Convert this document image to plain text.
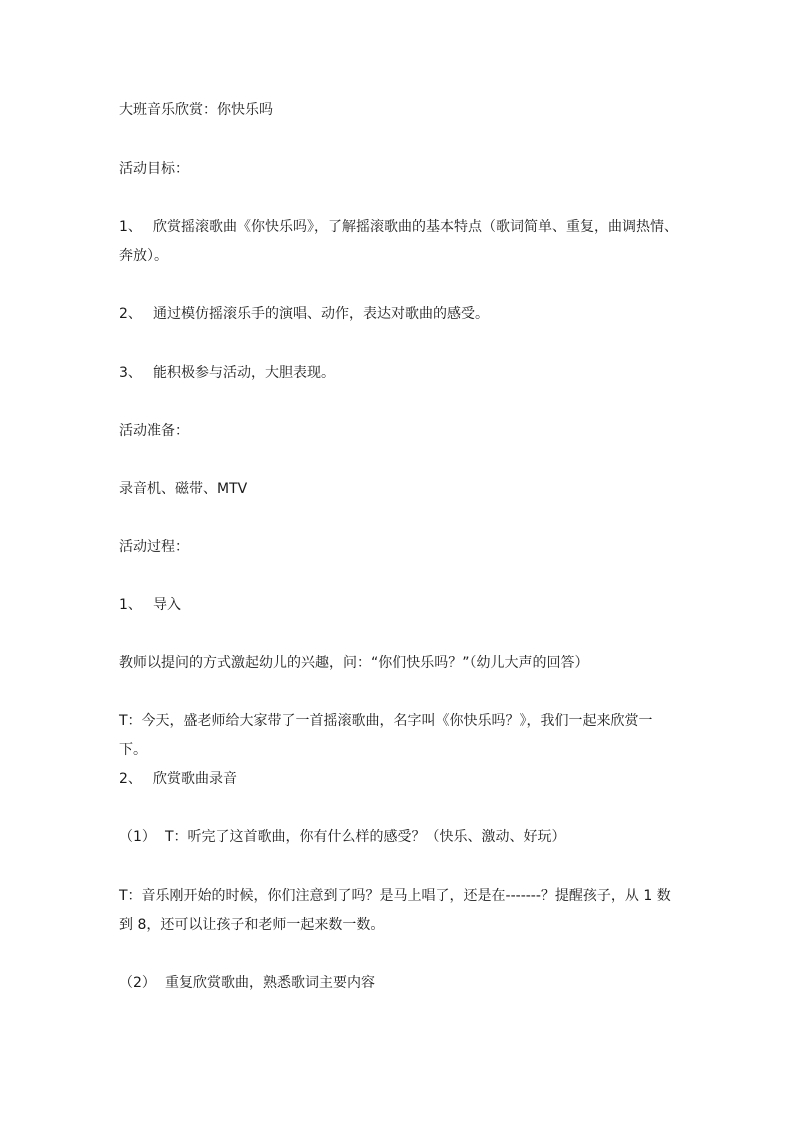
大班音乐欣赏：你快乐吗

活动目标：

1、 欣赏摇滚歌曲《你快乐吗》，了解摇滚歌曲的基本特点（歌词简单、重复，曲调热情、奔放）。

2、 通过模仿摇滚乐手的演唱、动作，表达对歌曲的感受。

3、 能积极参与活动，大胆表现。

活动准备：

录音机、磁带、MTV

活动过程：

1、 导入

教师以提问的方式激起幼儿的兴趣，问：“你们快乐吗？”（幼儿大声的回答）

T：今天，盛老师给大家带了一首摇滚歌曲，名字叫《你快乐吗？》，我们一起来欣赏一下。

2、 欣赏歌曲录音

（1） T：听完了这首歌曲，你有什么样的感受？（快乐、激动、好玩）

T：音乐刚开始的时候，你们注意到了吗？是马上唱了，还是在-------？提醒孩子，从 1 数到 8，还可以让孩子和老师一起来数一数。

（2） 重复欣赏歌曲，熟悉歌词主要内容
